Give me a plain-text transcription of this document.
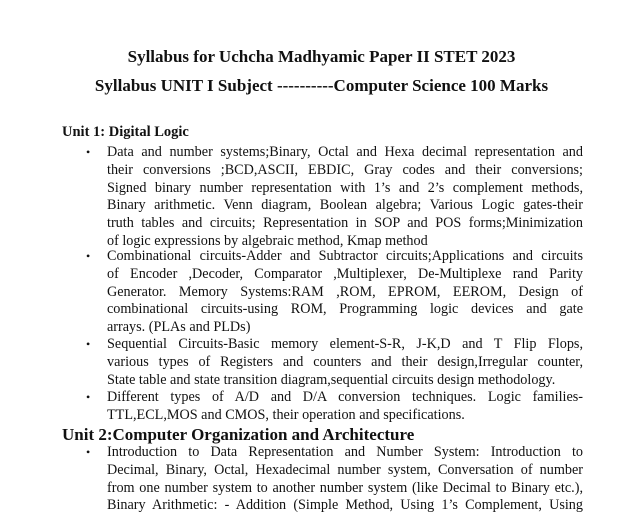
Syllabus for Uchcha Madhyamic Paper II STET 2023
Syllabus UNIT I Subject ----------Computer Science 100 Marks
Unit 1: Digital Logic
• Data and number systems;Binary, Octal and Hexa decimal representation and
their conversions ;BCD,ASCII, EBDIC, Gray codes and their conversions;
Signed binary number representation with 1’s and 2’s complement methods,
Binary arithmetic. Venn diagram, Boolean algebra; Various Logic gates-their
truth tables and circuits; Representation in SOP and POS forms;Minimization
of logic expressions by algebraic method, Kmap method
• Combinational circuits-Adder and Subtractor circuits;Applications and circuits
of Encoder ,Decoder, Comparator ,Multiplexer, De-Multiplexe rand Parity
Generator. Memory Systems:RAM ,ROM, EPROM, EEROM, Design of
combinational circuits-using ROM, Programming logic devices and gate
arrays. (PLAs and PLDs)
• Sequential Circuits-Basic memory element-S-R, J-K,D and T Flip Flops,
various types of Registers and counters and their design,Irregular counter,
State table and state transition diagram,sequential circuits design methodology.
• Different types of A/D and D/A conversion techniques. Logic families-
TTL,ECL,MOS and CMOS, their operation and specifications.
Unit 2:Computer Organization and Architecture
• Introduction to Data Representation and Number System: Introduction to
Decimal, Binary, Octal, Hexadecimal number system, Conversation of number
from one number system to another number system (like Decimal to Binary etc.),
Binary Arithmetic: - Addition (Simple Method, Using 1’s Complement, Using
